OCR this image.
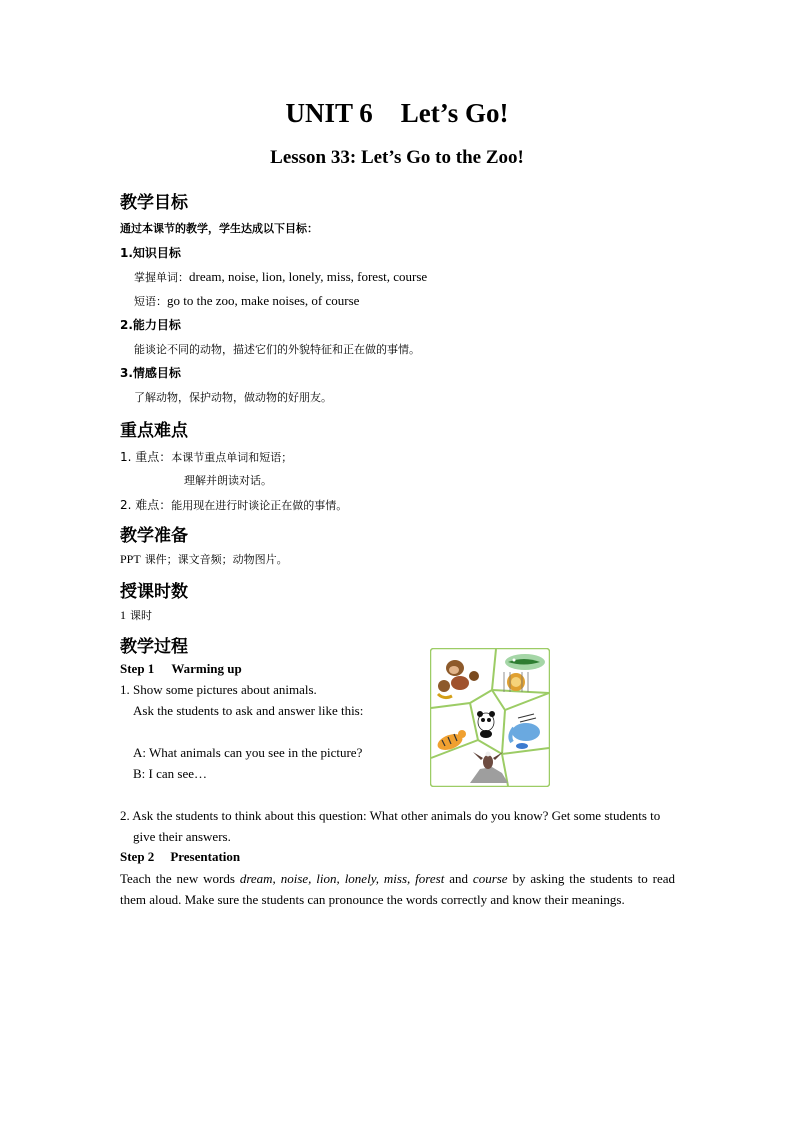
UNIT 6 Let’s Go!
Lesson 33: Let’s Go to the Zoo!
教学目标
通过本课节的教学，学生达成以下目标：
1.知识目标
掌握单词：dream, noise, lion, lonely, miss, forest, course
短语：go to the zoo, make noises, of course
2.能力目标
能谈论不同的动物，描述它们的外貌特征和正在做的事情。
3.情感目标
了解动物，保护动物，做动物的好朋友。
重点难点
1. 重点：本课节重点单词和短语；
理解并朗读对话。
2. 难点：能用现在进行时谈论正在做的事情。
教学准备
PPT 课件；课文音频；动物图片。
授课时数
1 课时
教学过程
Step 1 Warming up
1. Show some pictures about animals.
Ask the students to ask and answer like this:
A: What animals can you see in the picture?
B: I can see…
2. Ask the students to think about this question: What other animals do you know? Get some students to give their answers.
Step 2 Presentation
Teach the new words dream, noise, lion, lonely, miss, forest and course by asking the students to read them aloud. Make sure the students can pronounce the words correctly and know their meanings.
